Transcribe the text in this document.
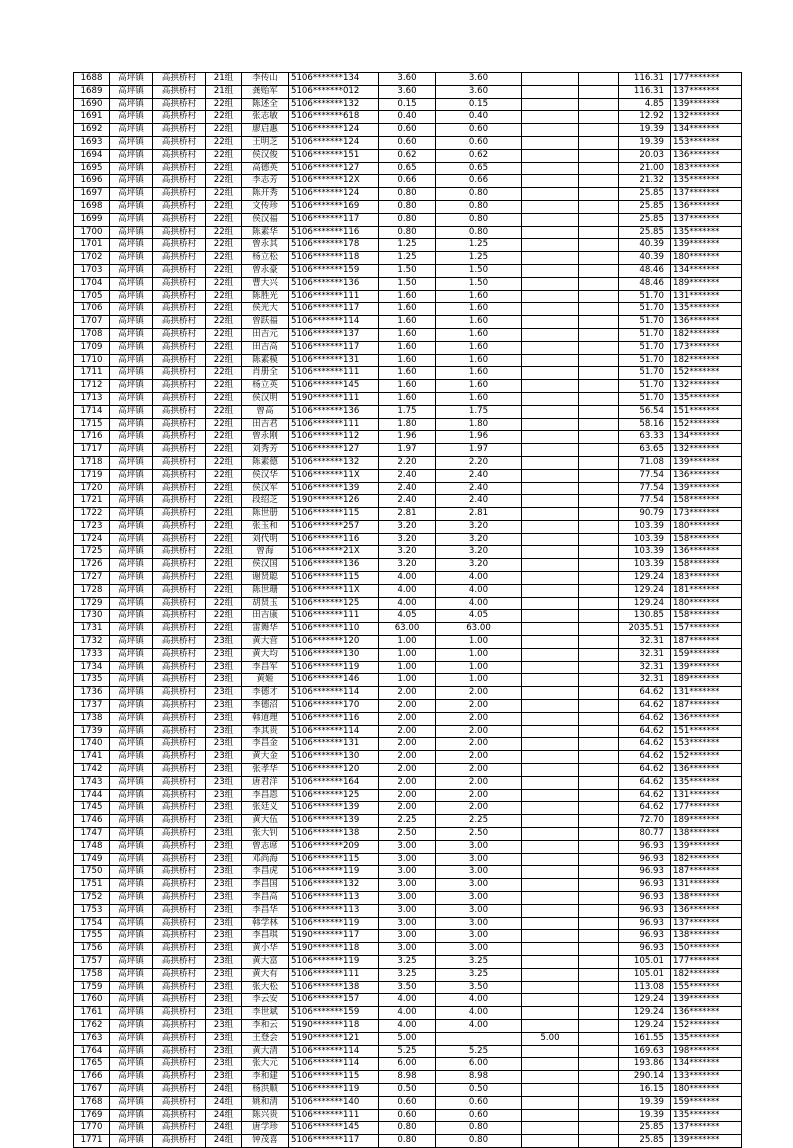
1688	高坪镇	高拱桥村	21组	李传山	5106*******134	3.60	3.60			116.31	177*******
1689	高坪镇	高拱桥村	21组	龚贻军	5106*******012	3.60	3.60			116.31	137*******
1690	高坪镇	高拱桥村	22组	陈述全	5106*******132	0.15	0.15			4.85	139*******
1691	高坪镇	高拱桥村	22组	张志敏	5106*******618	0.40	0.40			12.92	132*******
1692	高坪镇	高拱桥村	22组	廖启惠	5106*******124	0.60	0.60			19.39	134*******
1693	高坪镇	高拱桥村	22组	王明芝	5106*******124	0.60	0.60			19.39	153*******
1694	高坪镇	高拱桥村	22组	侯汉俊	5106*******151	0.62	0.62			20.03	136*******
1695	高坪镇	高拱桥村	22组	高德英	5106*******127	0.65	0.65			21.00	183*******
1696	高坪镇	高拱桥村	22组	李志芳	5106*******12X	0.66	0.66			21.32	135*******
1697	高坪镇	高拱桥村	22组	陈开秀	5106*******124	0.80	0.80			25.85	137*******
1698	高坪镇	高拱桥村	22组	文传珍	5106*******169	0.80	0.80			25.85	136*******
1699	高坪镇	高拱桥村	22组	侯汉福	5106*******117	0.80	0.80			25.85	137*******
1700	高坪镇	高拱桥村	22组	陈素华	5106*******116	0.80	0.80			25.85	135*******
1701	高坪镇	高拱桥村	22组	曾永其	5106*******178	1.25	1.25			40.39	139*******
1702	高坪镇	高拱桥村	22组	杨立松	5106*******118	1.25	1.25			40.39	180*******
1703	高坪镇	高拱桥村	22组	曾永豪	5106*******159	1.50	1.50			48.46	134*******
1704	高坪镇	高拱桥村	22组	曹大兴	5106*******136	1.50	1.50			48.46	189*******
1705	高坪镇	高拱桥村	22组	陈胜光	5106*******111	1.60	1.60			51.70	131*******
1706	高坪镇	高拱桥村	22组	侯光大	5106*******117	1.60	1.60			51.70	135*******
1707	高坪镇	高拱桥村	22组	曾跃福	5106*******114	1.60	1.60			51.70	136*******
1708	高坪镇	高拱桥村	22组	田吉元	5106*******137	1.60	1.60			51.70	182*******
1709	高坪镇	高拱桥村	22组	田吉高	5106*******117	1.60	1.60			51.70	173*******
1710	高坪镇	高拱桥村	22组	陈素模	5106*******131	1.60	1.60			51.70	182*******
1711	高坪镇	高拱桥村	22组	肖册全	5106*******111	1.60	1.60			51.70	152*******
1712	高坪镇	高拱桥村	22组	杨立英	5106*******145	1.60	1.60			51.70	132*******
1713	高坪镇	高拱桥村	22组	侯汉明	5190*******111	1.60	1.60			51.70	135*******
1714	高坪镇	高拱桥村	22组	曾高	5106*******136	1.75	1.75			56.54	151*******
1715	高坪镇	高拱桥村	22组	田吉君	5106*******111	1.80	1.80			58.16	152*******
1716	高坪镇	高拱桥村	22组	曾永刚	5106*******112	1.96	1.96			63.33	134*******
1717	高坪镇	高拱桥村	22组	刘秀芳	5106*******127	1.97	1.97			63.65	132*******
1718	高坪镇	高拱桥村	22组	陈素德	5106*******132	2.20	2.20			71.08	139*******
1719	高坪镇	高拱桥村	22组	侯汉华	5106*******11X	2.40	2.40			77.54	136*******
1720	高坪镇	高拱桥村	22组	侯汉军	5106*******139	2.40	2.40			77.54	139*******
1721	高坪镇	高拱桥村	22组	段绍芝	5190*******126	2.40	2.40			77.54	158*******
1722	高坪镇	高拱桥村	22组	陈世册	5106*******115	2.81	2.81			90.79	173*******
1723	高坪镇	高拱桥村	22组	张玉和	5106*******257	3.20	3.20			103.39	180*******
1724	高坪镇	高拱桥村	22组	刘代明	5106*******116	3.20	3.20			103.39	158*******
1725	高坪镇	高拱桥村	22组	曾海	5106*******21X	3.20	3.20			103.39	136*******
1726	高坪镇	高拱桥村	22组	侯汉国	5106*******136	3.20	3.20			103.39	158*******
1727	高坪镇	高拱桥村	22组	谢贤聪	5106*******115	4.00	4.00			129.24	183*******
1728	高坪镇	高拱桥村	22组	陈世珊	5106*******11X	4.00	4.00			129.24	181*******
1729	高坪镇	高拱桥村	22组	胡贤玉	5106*******125	4.00	4.00			129.24	180*******
1730	高坪镇	高拱桥村	22组	田吉康	5106*******111	4.05	4.05			130.85	158*******
1731	高坪镇	高拱桥村	22组	雷舞华	5106*******110	63.00	63.00			2035.51	157*******
1732	高坪镇	高拱桥村	23组	黄大营	5106*******120	1.00	1.00			32.31	187*******
1733	高坪镇	高拱桥村	23组	黄大均	5106*******130	1.00	1.00			32.31	159*******
1734	高坪镇	高拱桥村	23组	李昌军	5106*******119	1.00	1.00			32.31	139*******
1735	高坪镇	高拱桥村	23组	黄姬	5106*******146	1.00	1.00			32.31	189*******
1736	高坪镇	高拱桥村	23组	李德才	5106*******114	2.00	2.00			64.62	131*******
1737	高坪镇	高拱桥村	23组	李德沼	5106*******170	2.00	2.00			64.62	187*******
1738	高坪镇	高拱桥村	23组	韩道理	5106*******116	2.00	2.00			64.62	136*******
1739	高坪镇	高拱桥村	23组	李其贵	5106*******114	2.00	2.00			64.62	151*******
1740	高坪镇	高拱桥村	23组	李昌金	5106*******131	2.00	2.00			64.62	153*******
1741	高坪镇	高拱桥村	23组	黄大金	5106*******130	2.00	2.00			64.62	152*******
1742	高坪镇	高拱桥村	23组	张孝华	5106*******120	2.00	2.00			64.62	136*******
1743	高坪镇	高拱桥村	23组	唐君洋	5106*******164	2.00	2.00			64.62	135*******
1744	高坪镇	高拱桥村	23组	李昌恩	5106*******125	2.00	2.00			64.62	131*******
1745	高坪镇	高拱桥村	23组	张廷义	5106*******139	2.00	2.00			64.62	177*******
1746	高坪镇	高拱桥村	23组	黄大伍	5106*******139	2.25	2.25			72.70	189*******
1747	高坪镇	高拱桥村	23组	张大钊	5106*******138	2.50	2.50			80.77	138*******
1748	高坪镇	高拱桥村	23组	曾志席	5106*******209	3.00	3.00			96.93	139*******
1749	高坪镇	高拱桥村	23组	邓尚海	5106*******115	3.00	3.00			96.93	182*******
1750	高坪镇	高拱桥村	23组	李昌虎	5106*******119	3.00	3.00			96.93	187*******
1751	高坪镇	高拱桥村	23组	李昌国	5106*******132	3.00	3.00			96.93	131*******
1752	高坪镇	高拱桥村	23组	李昌高	5106*******113	3.00	3.00			96.93	138*******
1753	高坪镇	高拱桥村	23组	李昌华	5106*******113	3.00	3.00			96.93	136*******
1754	高坪镇	高拱桥村	23组	韩学林	5106*******119	3.00	3.00			96.93	137*******
1755	高坪镇	高拱桥村	23组	李昌琪	5190*******117	3.00	3.00			96.93	138*******
1756	高坪镇	高拱桥村	23组	黄小华	5190*******118	3.00	3.00			96.93	150*******
1757	高坪镇	高拱桥村	23组	黄大富	5106*******119	3.25	3.25			105.01	177*******
1758	高坪镇	高拱桥村	23组	黄大有	5106*******111	3.25	3.25			105.01	182*******
1759	高坪镇	高拱桥村	23组	张大松	5106*******138	3.50	3.50			113.08	155*******
1760	高坪镇	高拱桥村	23组	李云安	5106*******157	4.00	4.00			129.24	139*******
1761	高坪镇	高拱桥村	23组	李世斌	5106*******159	4.00	4.00			129.24	136*******
1762	高坪镇	高拱桥村	23组	李和云	5190*******118	4.00	4.00			129.24	152*******
1763	高坪镇	高拱桥村	23组	王登会	5190*******121	5.00		5.00		161.55	135*******
1764	高坪镇	高拱桥村	23组	黄大清	5106*******114	5.25	5.25			169.63	198*******
1765	高坪镇	高拱桥村	23组	张大元	5106*******114	6.00	6.00			193.86	134*******
1766	高坪镇	高拱桥村	23组	李和建	5106*******115	8.98	8.98			290.14	133*******
1767	高坪镇	高拱桥村	24组	杨洪顺	5106*******119	0.50	0.50			16.15	180*******
1768	高坪镇	高拱桥村	24组	姚和清	5106*******140	0.60	0.60			19.39	159*******
1769	高坪镇	高拱桥村	24组	陈兴贵	5106*******111	0.60	0.60			19.39	135*******
1770	高坪镇	高拱桥村	24组	唐学珍	5106*******145	0.80	0.80			25.85	137*******
1771	高坪镇	高拱桥村	24组	钟茂喜	5106*******117	0.80	0.80			25.85	139*******
